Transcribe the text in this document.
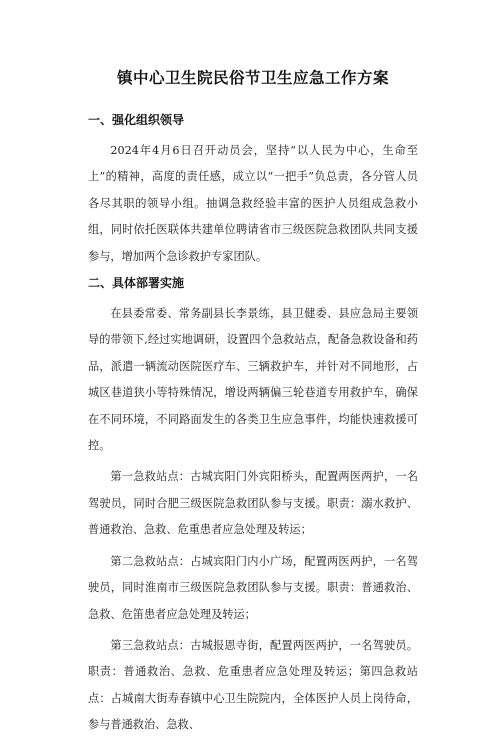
镇中心卫生院民俗节卫生应急工作方案
一、强化组织领导

2024年4月6日召开动员会，坚持“以人民为中心，生命至上”的精神，高度的责任感，成立以“一把手”负总责，各分管人员各尽其职的领导小组。抽调急救经验丰富的医护人员组成急救小组，同时依托医联体共建单位聘请省市三级医院急救团队共同支援参与，增加两个急诊救护专家团队。

二、具体部署实施

在县委常委、常务副县长李景练，县卫健委、县应急局主要领导的带领下,经过实地调研，设置四个急救站点，配备急救设备和药品，派遣一辆流动医院医疗车、三辆救护车，并针对不同地形，占城区巷道狭小等特殊情况，增设两辆偏三轮巷道专用救护车，确保在不同环境，不同路面发生的各类卫生应急事件，均能快速救援可控。

第一急救站点：古城宾阳门外宾阳桥头，配置两医两护，一名驾驶员，同时合肥三级医院急救团队参与支援。职责：溺水救护、普通救治、急救、危重患者应急处理及转运；

第二急救站点：占城宾阳门内小广场，配置两医两护，一名驾驶员，同时淮南市三级医院急救团队参与支援。职责：普通救治、急救、危笛患者应急处理及转运；

第三急救站点：古城报恩寺街，配置两医两护，一名驾驶员。职责：普通救治、急救、危重患者应急处理及转运；第四急救站点：占城南大街寿春镇中心卫生院院内，全体医护人员上岗待命，参与普通救治、急救、
